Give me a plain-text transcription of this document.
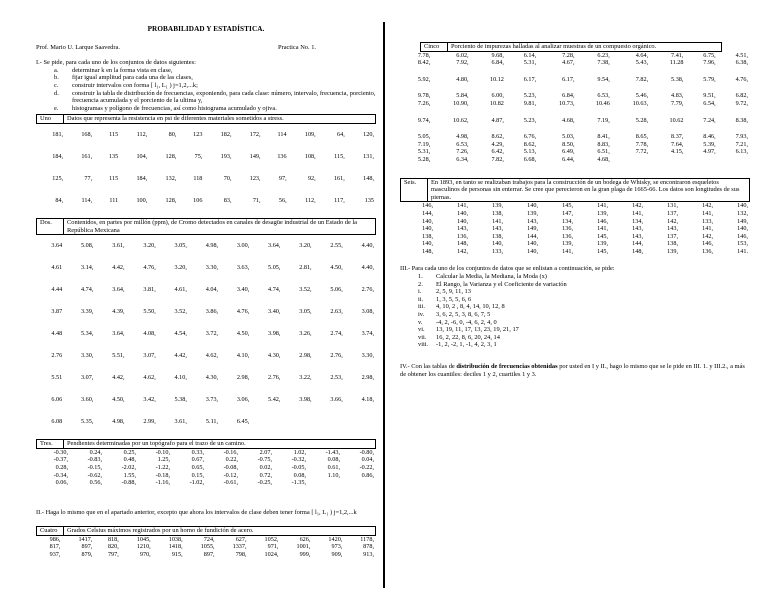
PROBABILIDAD Y ESTADÍSTICA.
Prof. Mario U. Larque Saavedra.	Practica No. 1.

I.- Se pide, para cada uno de los conjuntos de datos siguientes:

a.	determinar k en la forma vista en clase,
b.	fijar igual amplitud para cada una de las clases,
c.	construir intervalos con forma [ l₁, L₁ ) j=1,2,...k;
d.	construir la tabla de distribución de frecuencias, exponiendo, para cada clase: número, intervalo, frecuencia, porciento, frecuencia acumulada y el porciento de la ultima y,
e.	histogramas y polígono de frecuencias, así como histograma acumulado y ojiva.
Uno	Datos que representa la resistencia en psi de diferentes materiales sometidos a stress.
181,	168,	115	112,	80,	123	182,	172,	114	109,	64,	120,
184,	161,	135	104,	128,	75,	193,	149,	136	108,	115,	131,
125,	77,	115	184,	132,	118	70,	123,	97,	92,	161,	148,
84,	114,	111	100,	128,	106	83,	71,	56,	112,	117,	135
Dos.	Contenidos, en partes por millón (ppm), de Cromo detectados en canales de desagüe industrial de un Estado de la República Mexicana
3.64	5.08,	3.61,	3.20,	3.05,	4.98,	3.00,	3.64,	3.20,	2.55,	4.40,
4.61	3.14,	4.42,	4.76,	3.20,	3.30,	3.63,	5.05,	2.81,	4.50,	4.40,
4.44	4.74,	3.64,	3.81,	4.61,	4.04,	3.40,	4.74,	3.52,	5.06,	2.76,
3.87	3.39,	4.39,	5.50,	3.52,	3.86,	4.76,	3.40,	3.05,	2.63,	3.08,
4.48	5.34,	3.64,	4.08,	4.54,	3.72,	4.50,	3.98,	3.26,	2.74,	3.74,
2.76	3.30,	5.51,	3.07,	4.42,	4.62,	4.10,	4.30,	2.98,	2.76,	3.30,
5.51	3.07,	4.42,	4.62,	4.10,	4.30,	2.98,	2.76,	3.22,	2.53,	2.98,
6.06	3.60,	4.50,	3.42,	5.38,	3.73,	3.06,	5.42,	3.98,	3.66,	4.18,
6.08	5.35,	4.98,	2.99,	3.61,	5.11,	6.45,				
Tres.	Pendientes determinadas por un topógrafo para el trazo de un camino.
-0.30,	0.24,	0.25,	-0.10,	0.33,	-0.16,	2.07,	1.02,	-1.43,	-0.80,
-0.37,	-0.83,	0.48,	1.25,	0.67,	0.22,	-0.75,	-0.32,	0.08,	0.04,
0.28,	-0.15,	-2.02,	-1.22,	0.65,	-0.08,	0.02,	-0.05,	0.61,	-0.22,
-0.34,	-0.62,	1.55,	-0.18,	0.15,	-0.12,	0.72,	0.08,	1.10,	0.86,
0.06,	0.56,	-0.88,	-1.16,	-1.02,	-0.61,	-0.25,	-1.35,		

II.- Haga lo mismo que en el apartado anterior, excepto que ahora los intervalos de clase deben tener forma [ l₁, L₁ ) j=1,2,...k

Cuatro	Grados Celsius máximos registrados por un horno de fundición de acero.
986,	1417,	818,	1045,	1038,	724,	627,	1052,	626,	1420,	1178,
817,	897,	820,	1210,	1418,	1055,	1337,	971,	1001,	973,	878,
937,	879,	797,	970,	915,	897,	798,	1024,	999,	909,	913,
Cinco	Porciento de impurezas halladas al analizar muestras de un compuesto orgánico.
7.78,	6.02,	9.68,	6.14,	7.28,	6.23,	4.64,	7.41,	6.75,	4.51,
8.42,	7.92,	6.84,	5.31,	4.67,	7.38,	5.43,	11.28	7.96,	6.38,
5.92,	4.80,	10.12	6.17,	6.17,	9.54,	7.82,	5.38,	5.79,	4.76,
9.78,	5.84,	6.00,	5.23,	6.84,	6.53,	5.46,	4.83,	9.51,	6.82,
7.26,	10.90,	10.82	9.81,	10.73,	10.46	10.63,	7.79,	6.54,	9.72,
9.74,	10.62,	4.87,	5.23,	4.68,	7.19,	5.28,	10.62	7.24,	8.38,
5.05,	4.98,	8.62,	6.76,	5.03,	8.41,	8.65,	8.37,	8.46,	7.93,
7.19,	6.53,	4.29,	8.62,	8.50,	8.83,	7.78,	7.64,	5.39,	7.21,
5.31,	7.26,	6.42,	5.13,	6.49,	6.51,	7.72,	4.15,	4.97,	6.13,
5.28,	6.34,	7.82,	6.68,	6.44,	4.68,				
Seis.	En 1893, en tanto se realizaban trabajos para la construcción de un bodega de Whisky, se encontraron esqueletos masculinos de personas sin enterrar. Se cree que perecieron en la gran plaga de 1665-66. Los datos son longitudes de sus piernas.
146,	141,	139,	140,	145,	141,	142,	131,	142,	140,
144,	140,	138,	139,	147,	139,	141,	137,	141,	132,
140,	140,	141,	143,	134,	146,	134,	142,	133,	149,
140,	143,	143,	149,	136,	141,	143,	143,	141,	140,
138,	136,	138,	144,	136,	145,	143,	137,	142,	146,
140,	148,	140,	140,	139,	139,	144,	138,	146,	153,
148,	142,	133,	140,	141,	145,	148,	139,	136,	141.

III.- Para cada uno de los conjuntos de datos que se enlistan a continuación, se pide:

1.	Calcular la Media, la Mediana, la Moda (x)
2.	El Rango, la Varianza y el Coeficiente de variación
i.	2, 5, 9, 11, 13
ii.	1, 3, 5, 5, 6, 6
iii.	4, 10, 2 , 8, 4, 14, 10, 12, 8
iv.	3, 6, 2, 5, 3, 8, 6, 7, 5
v.	-4, 2, -6, 0, -4, 6, 2, 4, 0
vi.	13, 19, 11, 17, 13, 23, 19, 21, 17
vii.	16, 2, 22, 8, 6, 20, 24, 14
viii.	-1, 2, -2, 1, -1, 4, 2, 3, 1

IV.- Con las tablas de distribución de frecuencias obtenidas por usted en I y II., hago lo mismo que se le pide en III. 1. y III.2., a más de obtener los cuantiles: deciles 1 y 2, cuartiles 1 y 3.
